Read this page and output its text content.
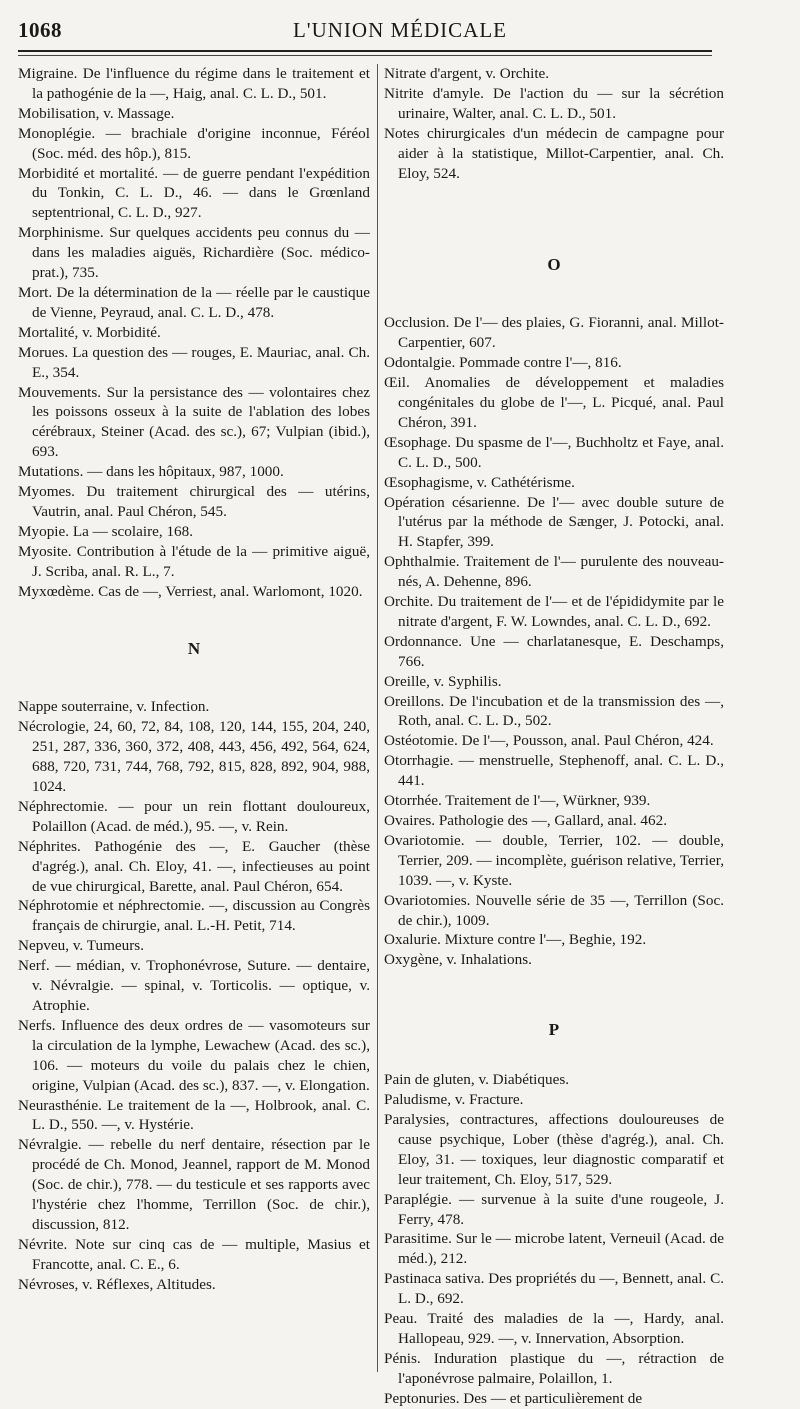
1068	L'UNION MÉDICALE

Migraine. De l'influence du régime dans le traitement et la pathogénie de la —, Haig, anal. C. L. D., 501.

Mobilisation, v. Massage.

Monoplégie. — brachiale d'origine inconnue, Féréol (Soc. méd. des hôp.), 815.

Morbidité et mortalité. — de guerre pendant l'expédition du Tonkin, C. L. D., 46. — dans le Grœnland septentrional, C. L. D., 927.

Morphinisme. Sur quelques accidents peu connus du — dans les maladies aiguës, Richardière (Soc. médico-prat.), 735.

Mort. De la détermination de la — réelle par le caustique de Vienne, Peyraud, anal. C. L. D., 478.

Mortalité, v. Morbidité.

Morues. La question des — rouges, E. Mauriac, anal. Ch. E., 354.

Mouvements. Sur la persistance des — volontaires chez les poissons osseux à la suite de l'ablation des lobes cérébraux, Steiner (Acad. des sc.), 67; Vulpian (ibid.), 693.

Mutations. — dans les hôpitaux, 987, 1000.

Myomes. Du traitement chirurgical des — utérins, Vautrin, anal. Paul Chéron, 545.

Myopie. La — scolaire, 168.

Myosite. Contribution à l'étude de la — primitive aiguë, J. Scriba, anal. R. L., 7.

Myxœdème. Cas de —, Verriest, anal. Warlomont, 1020.

N

Nappe souterraine, v. Infection.

Nécrologie, 24, 60, 72, 84, 108, 120, 144, 155, 204, 240, 251, 287, 336, 360, 372, 408, 443, 456, 492, 564, 624, 688, 720, 731, 744, 768, 792, 815, 828, 892, 904, 988, 1024.

Néphrectomie. — pour un rein flottant douloureux, Polaillon (Acad. de méd.), 95. —, v. Rein.

Néphrites. Pathogénie des —, E. Gaucher (thèse d'agrég.), anal. Ch. Eloy, 41. —, infectieuses au point de vue chirurgical, Barette, anal. Paul Chéron, 654.

Néphrotomie et néphrectomie. —, discussion au Congrès français de chirurgie, anal. L.-H. Petit, 714.

Nepveu, v. Tumeurs.

Nerf. — médian, v. Trophonévrose, Suture. — dentaire, v. Névralgie. — spinal, v. Torticolis. — optique, v. Atrophie.

Nerfs. Influence des deux ordres de — vasomoteurs sur la circulation de la lymphe, Lewachew (Acad. des sc.), 106. — moteurs du voile du palais chez le chien, origine, Vulpian (Acad. des sc.), 837. —, v. Elongation.

Neurasthénie. Le traitement de la —, Holbrook, anal. C. L. D., 550. —, v. Hystérie.

Névralgie. — rebelle du nerf dentaire, résection par le procédé de Ch. Monod, Jeannel, rapport de M. Monod (Soc. de chir.), 778. — du testicule et ses rapports avec l'hystérie chez l'homme, Terrillon (Soc. de chir.), discussion, 812.

Névrite. Note sur cinq cas de — multiple, Masius et Francotte, anal. C. E., 6.

Névroses, v. Réflexes, Altitudes.

Nitrate d'argent, v. Orchite.

Nitrite d'amyle. De l'action du — sur la sécrétion urinaire, Walter, anal. C. L. D., 501.

Notes chirurgicales d'un médecin de campagne pour aider à la statistique, Millot-Carpentier, anal. Ch. Eloy, 524.

O

Occlusion. De l'— des plaies, G. Fioranni, anal. Millot-Carpentier, 607.

Odontalgie. Pommade contre l'—, 816.

Œil. Anomalies de développement et maladies congénitales du globe de l'—, L. Picqué, anal. Paul Chéron, 391.

Œsophage. Du spasme de l'—, Buchholtz et Faye, anal. C. L. D., 500.

Œsophagisme, v. Cathétérisme.

Opération césarienne. De l'— avec double suture de l'utérus par la méthode de Sænger, J. Potocki, anal. H. Stapfer, 399.

Ophthalmie. Traitement de l'— purulente des nouveau-nés, A. Dehenne, 896.

Orchite. Du traitement de l'— et de l'épididymite par le nitrate d'argent, F. W. Lowndes, anal. C. L. D., 692.

Ordonnance. Une — charlatanesque, E. Deschamps, 766.

Oreille, v. Syphilis.

Oreillons. De l'incubation et de la transmission des —, Roth, anal. C. L. D., 502.

Ostéotomie. De l'—, Pousson, anal. Paul Chéron, 424.

Otorrhagie. — menstruelle, Stephenoff, anal. C. L. D., 441.

Otorrhée. Traitement de l'—, Würkner, 939.

Ovaires. Pathologie des —, Gallard, anal. 462.

Ovariotomie. — double, Terrier, 102. — double, Terrier, 209. — incomplète, guérison relative, Terrier, 1039. —, v. Kyste.

Ovariotomies. Nouvelle série de 35 —, Terrillon (Soc. de chir.), 1009.

Oxalurie. Mixture contre l'—, Beghie, 192.

Oxygène, v. Inhalations.

P

Pain de gluten, v. Diabétiques.

Paludisme, v. Fracture.

Paralysies, contractures, affections douloureuses de cause psychique, Lober (thèse d'agrég.), anal. Ch. Eloy, 31. — toxiques, leur diagnostic comparatif et leur traitement, Ch. Eloy, 517, 529.

Paraplégie. — survenue à la suite d'une rougeole, J. Ferry, 478.

Parasitime. Sur le — microbe latent, Verneuil (Acad. de méd.), 212.

Pastinaca sativa. Des propriétés du —, Bennett, anal. C. L. D., 692.

Peau. Traité des maladies de la —, Hardy, anal. Hallopeau, 929. —, v. Innervation, Absorption.

Pénis. Induration plastique du —, rétraction de l'aponévrose palmaire, Polaillon, 1.

Peptonuries. Des — et particulièrement de
